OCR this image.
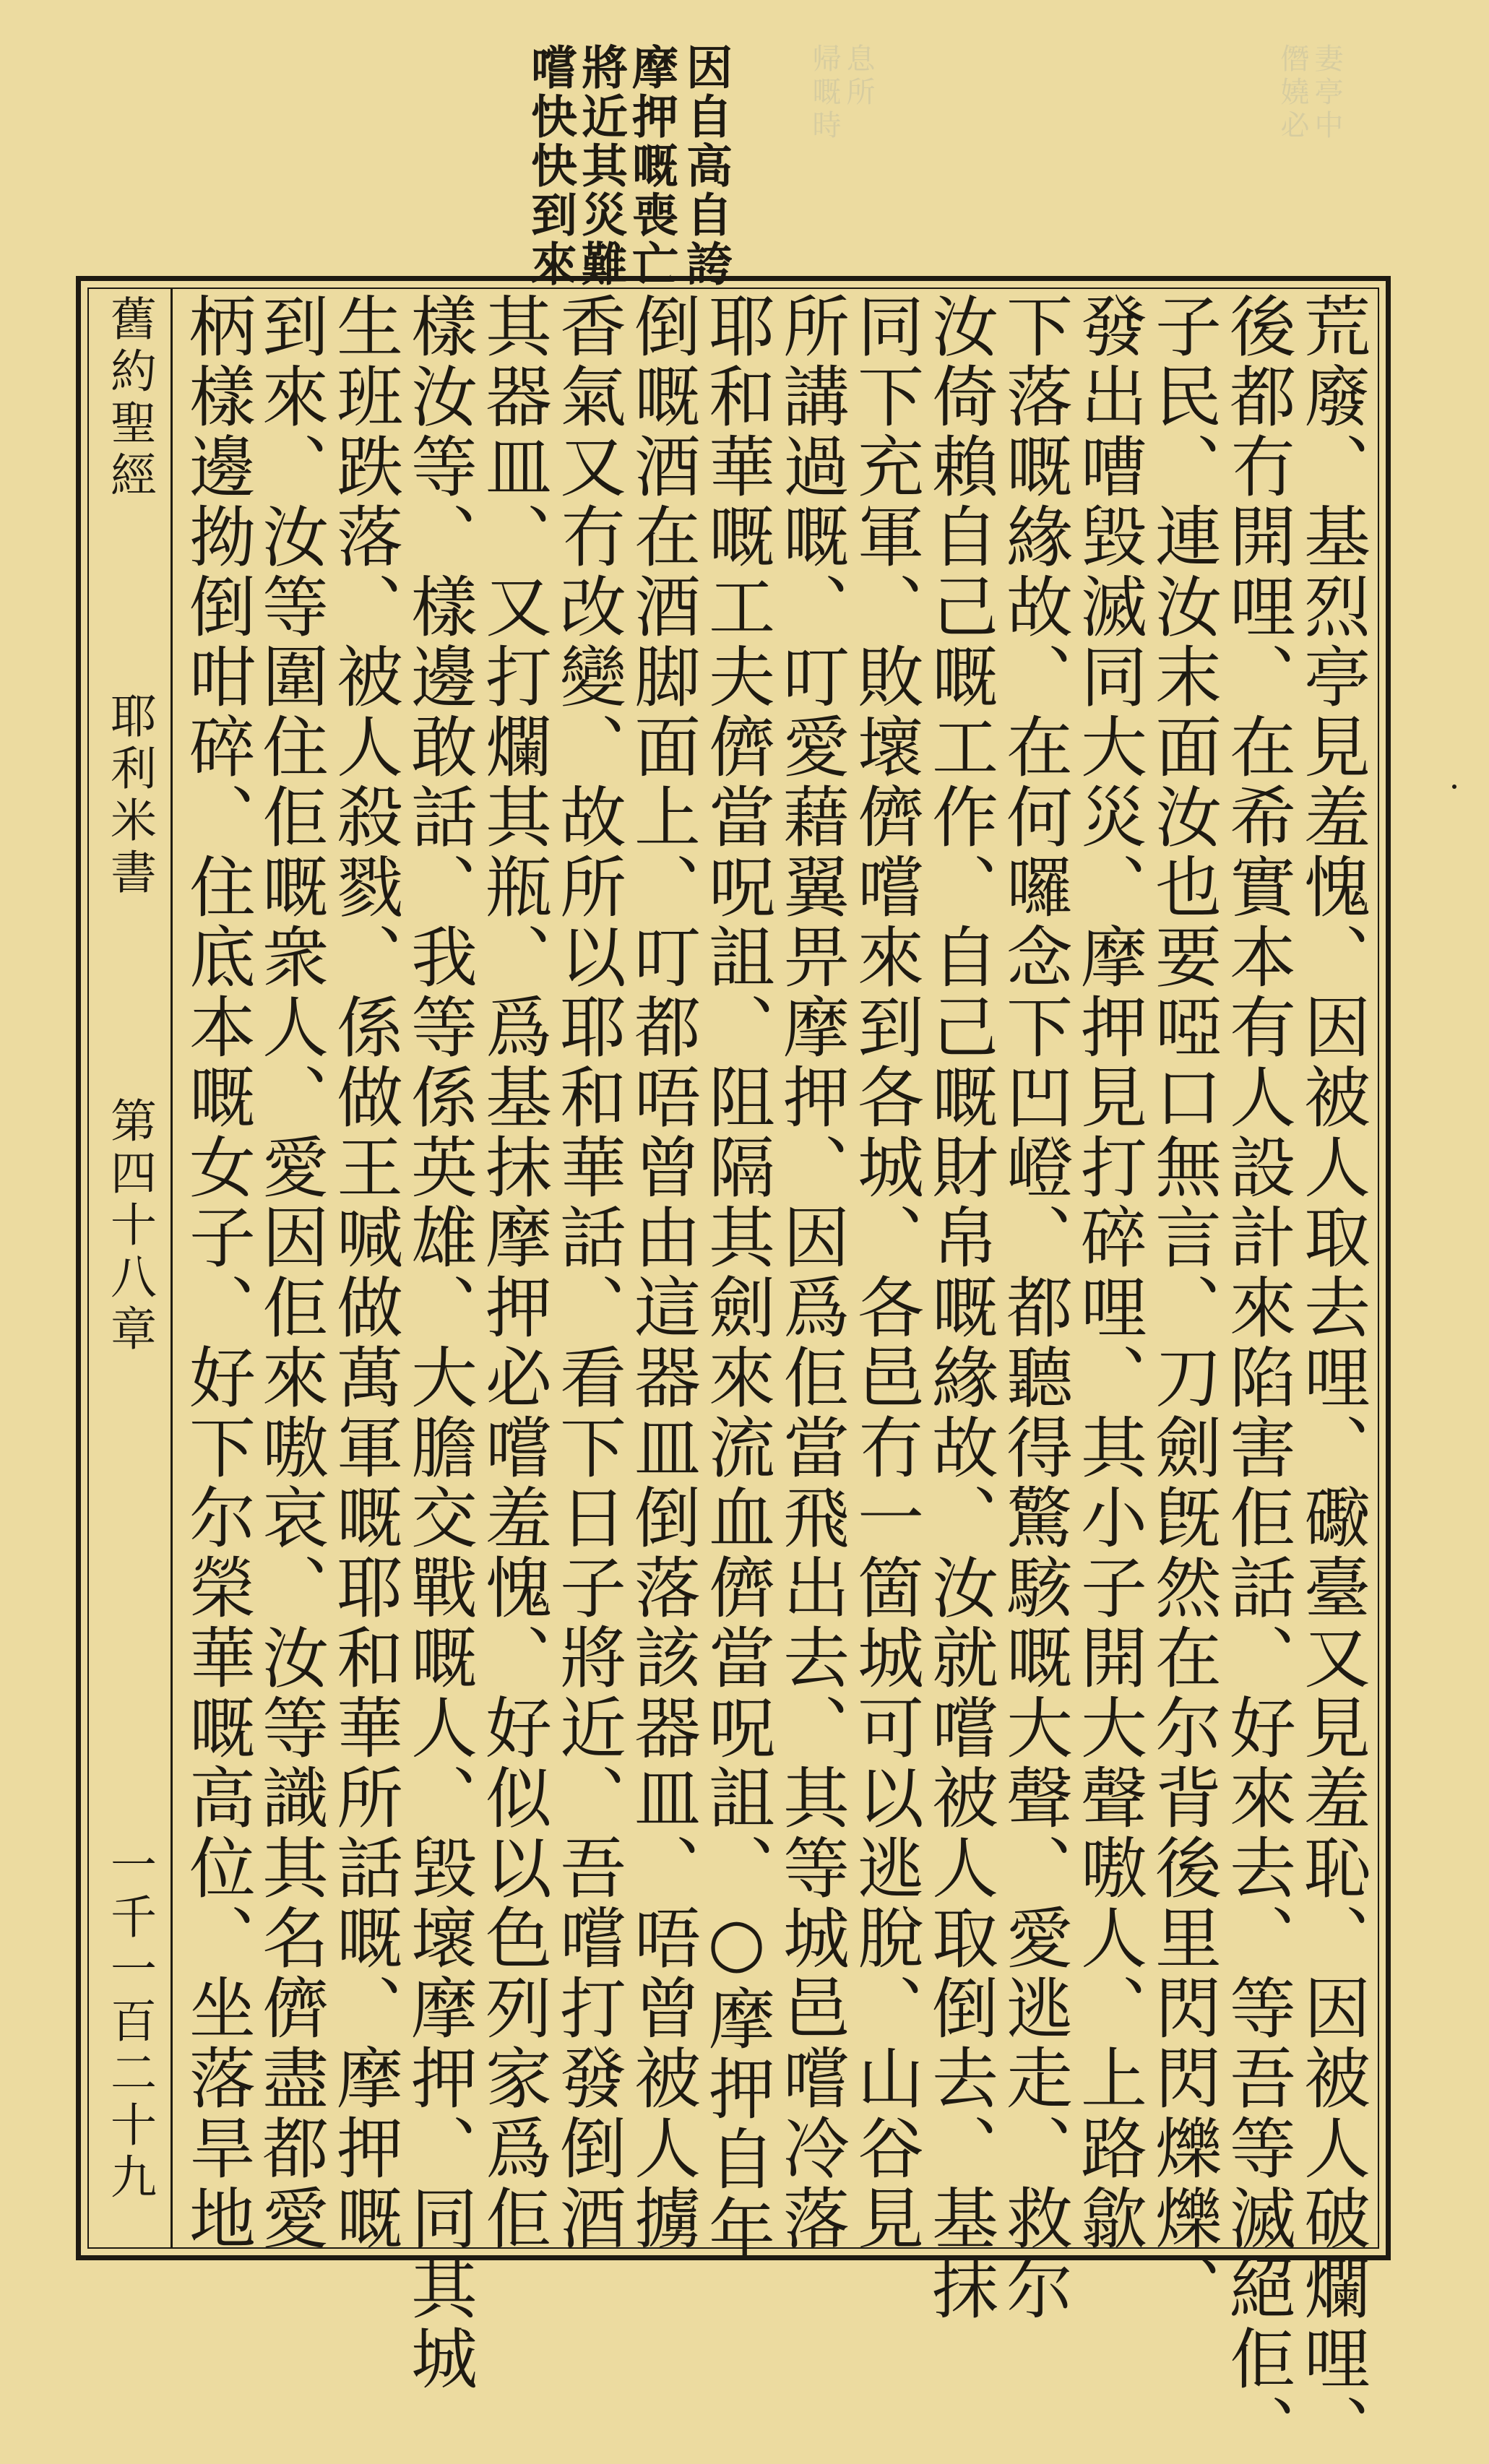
僭嬈必 妻亭中
帰嘅時 息所
因自高自誇
摩押嘅喪亡
將近其災難
嚐快快到來
舊約聖經
耶利米書
第四十八章
一千一百二十九	荒廢、基烈亭見羞愧、因被人取去哩、礮臺又見羞恥、因被人破爛哩、
後都冇開哩、在希實本有人設計來陷害佢話、好來去、等吾等滅絕佢、
子民、連汝末面汝也要啞口無言、刀劍旣然在尔背後里閃閃爍爍、
發出嘈毀滅同大災、摩押見打碎哩、其小子開大聲嗷人、上路歙
下落嘅緣故、在何囉念下凹嶝、都聽得驚駭嘅大聲、愛逃走、救尔
汝倚賴自己嘅工作、自己嘅財帛嘅緣故、汝就嚐被人取倒去、基抹
同下充軍、敗壞儕嚐來到各城、各邑冇一箇城可以逃脫、山谷見
所講過嘅、叮愛藉翼畀摩押、因爲佢當飛出去、其等城邑嚐冷落
耶和華嘅工夫儕當呪詛、阻隔其劍來流血儕當呪詛、○摩押自年
倒嘅酒在酒脚面上、叮都唔曾由這器皿倒落該器皿、唔曾被人擄
香氣又冇改變、故所以耶和華話、看下日子將近、吾嚐打發倒酒
其器皿、又打爛其瓶、爲基抹摩押必嚐羞愧、好似以色列家爲佢
樣汝等、樣邊敢話、我等係英雄、大膽交戰嘅人、毀壞摩押、同其城
生班跌落、被人殺戮、係做王喊做萬軍嘅耶和華所話嘅、摩押嘅
到來、汝等圍住佢嘅衆人、愛因佢來嗷哀、汝等識其名儕盡都愛
柄樣邊拗倒咁碎、住底本嘅女子、好下尔榮華嘅高位、坐落旱地
